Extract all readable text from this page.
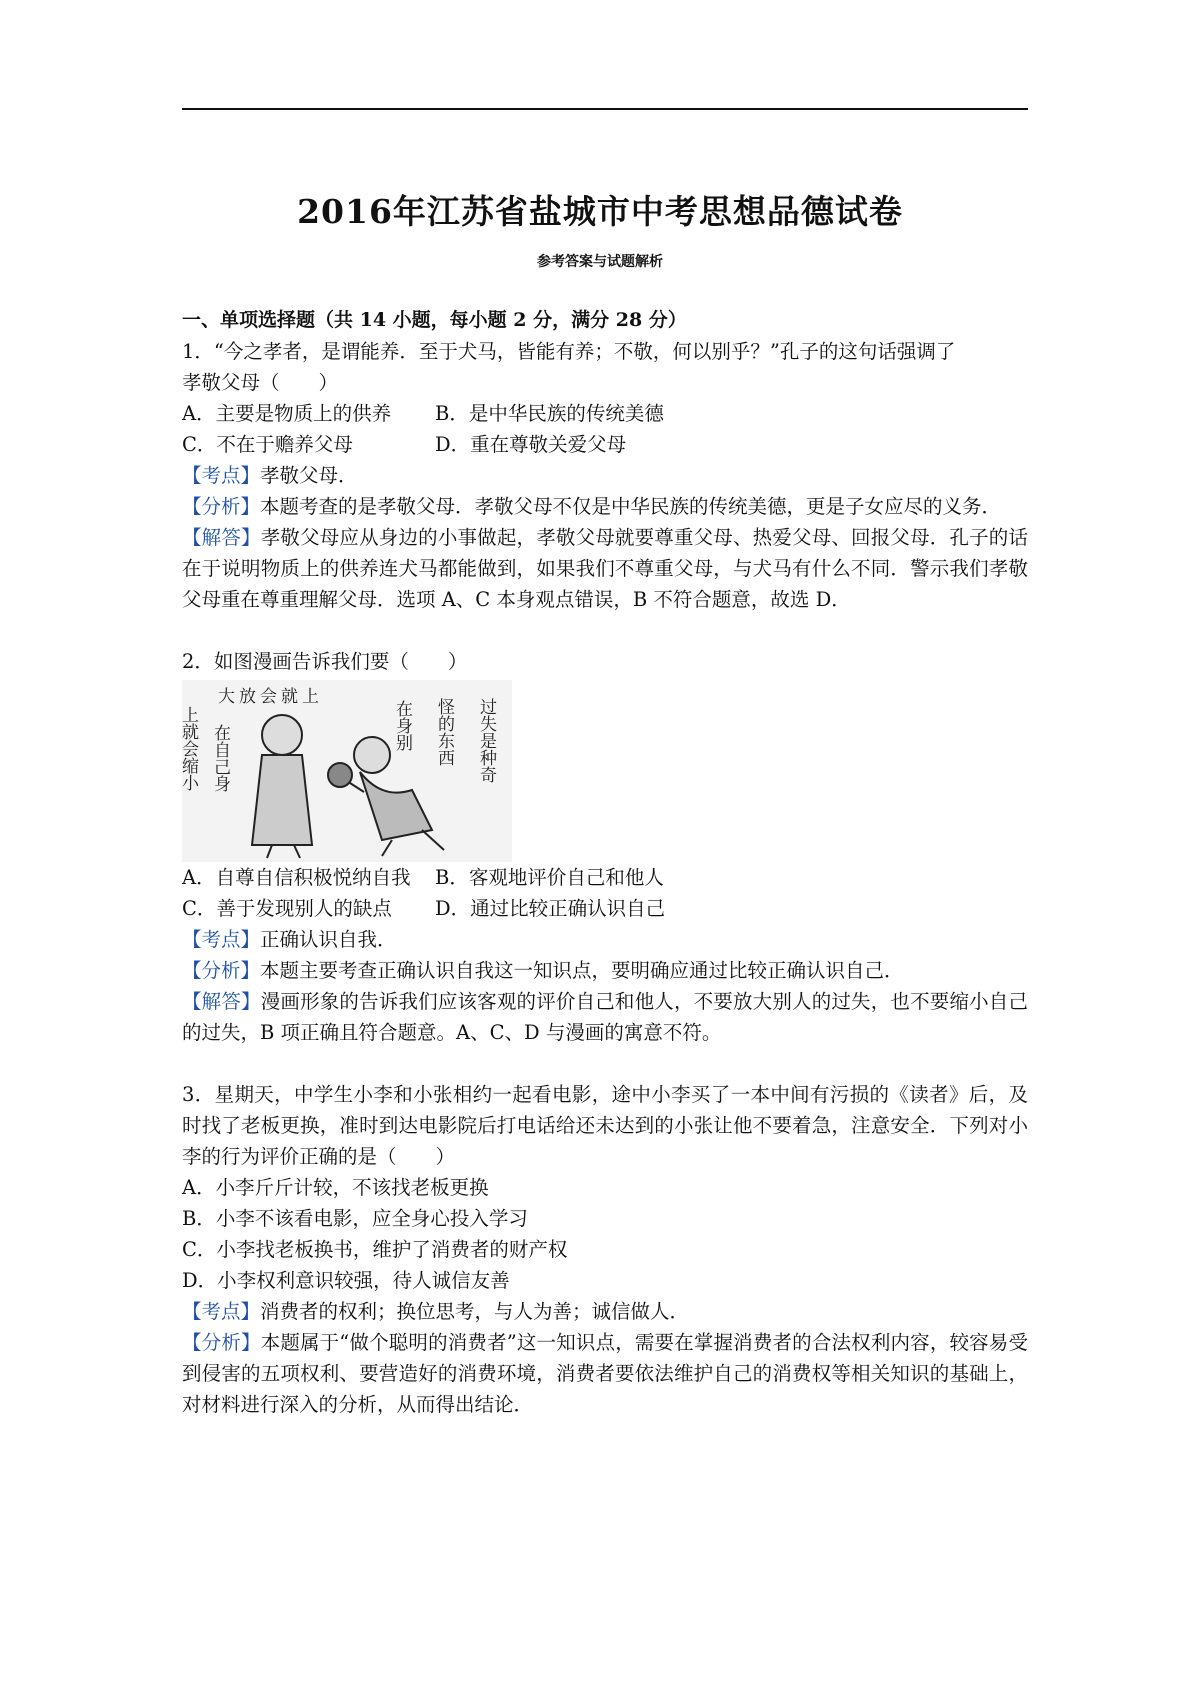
2016年江苏省盐城市中考思想品德试卷
参考答案与试题解析
一、单项选择题（共 14 小题，每小题 2 分，满分 28 分）
1．“今之孝者，是谓能养．至于犬马，皆能有养；不敬，何以别乎？”孔子的这句话强调了
孝敬父母（　　）
A．主要是物质上的供养	B．是中华民族的传统美德
C．不在于赡养父母	D．重在尊敬关爱父母
【考点】孝敬父母．
【分析】本题考查的是孝敬父母．孝敬父母不仅是中华民族的传统美德，更是子女应尽的义务．
【解答】孝敬父母应从身边的小事做起，孝敬父母就要尊重父母、热爱父母、回报父母．孔子的话在于说明物质上的供养连犬马都能做到，如果我们不尊重父母，与犬马有什么不同．警示我们孝敬父母重在尊重理解父母．选项 A、C 本身观点错误，B 不符合题意，故选 D．
2．如图漫画告诉我们要（　　）
上就会缩小
大放会就上
在自己身	在身别 怪的东西 过失是种奇
A．自尊自信积极悦纳自我	B．客观地评价自己和他人
C．善于发现别人的缺点	D．通过比较正确认识自己
【考点】正确认识自我．
【分析】本题主要考查正确认识自我这一知识点，要明确应通过比较正确认识自己．
【解答】漫画形象的告诉我们应该客观的评价自己和他人，不要放大别人的过失，也不要缩小自己的过失，B 项正确且符合题意。A、C、D 与漫画的寓意不符。
3．星期天，中学生小李和小张相约一起看电影，途中小李买了一本中间有污损的《读者》后，及时找了老板更换，准时到达电影院后打电话给还未达到的小张让他不要着急，注意安全．下列对小李的行为评价正确的是（　　）
A．小李斤斤计较，不该找老板更换
B．小李不该看电影，应全身心投入学习
C．小李找老板换书，维护了消费者的财产权
D．小李权利意识较强，待人诚信友善
【考点】消费者的权利；换位思考，与人为善；诚信做人．
【分析】本题属于“做个聪明的消费者”这一知识点，需要在掌握消费者的合法权利内容，较容易受到侵害的五项权利、要营造好的消费环境，消费者要依法维护自己的消费权等相关知识的基础上，对材料进行深入的分析，从而得出结论．
